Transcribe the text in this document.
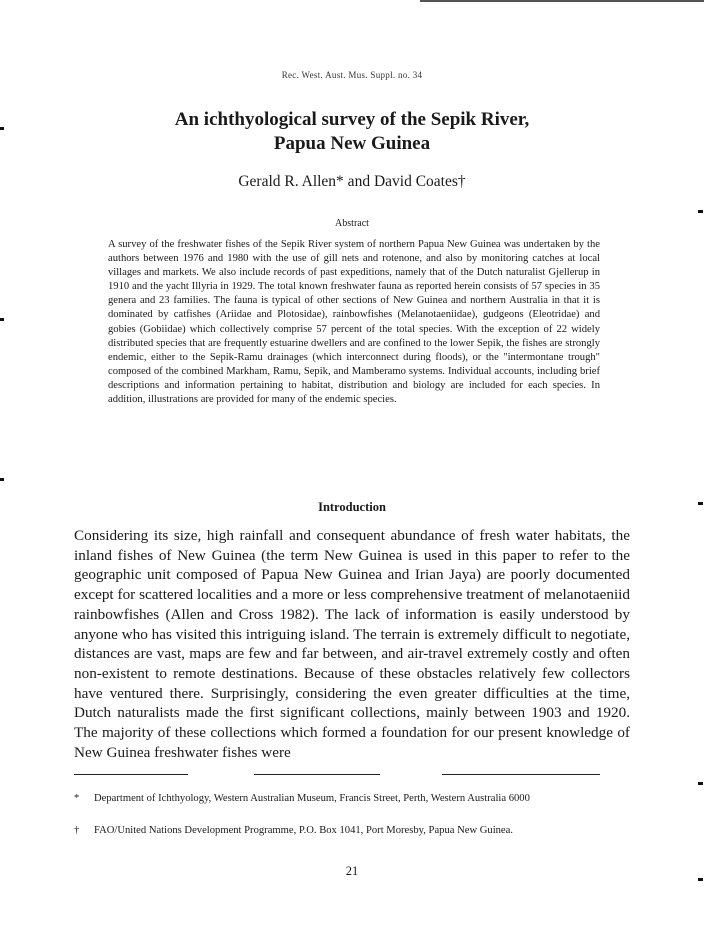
Rec. West. Aust. Mus. Suppl. no. 34
An ichthyological survey of the Sepik River,
Papua New Guinea
Gerald R. Allen* and David Coates†
Abstract
A survey of the freshwater fishes of the Sepik River system of northern Papua New Guinea was undertaken by the authors between 1976 and 1980 with the use of gill nets and rotenone, and also by monitoring catches at local villages and markets. We also include records of past expeditions, namely that of the Dutch naturalist Gjellerup in 1910 and the yacht Illyria in 1929. The total known freshwater fauna as reported herein consists of 57 species in 35 genera and 23 families. The fauna is typical of other sections of New Guinea and northern Australia in that it is dominated by catfishes (Ariidae and Plotosidae), rainbowfishes (Melanotaeniidae), gudgeons (Eleotridae) and gobies (Gobiidae) which collectively comprise 57 percent of the total species. With the exception of 22 widely distributed species that are frequently estuarine dwellers and are confined to the lower Sepik, the fishes are strongly endemic, either to the Sepik-Ramu drainages (which interconnect during floods), or the "intermontane trough" composed of the combined Markham, Ramu, Sepik, and Mamberamo systems. Individual accounts, including brief descriptions and information pertaining to habitat, distribution and biology are included for each species. In addition, illustrations are provided for many of the endemic species.
Introduction
Considering its size, high rainfall and consequent abundance of fresh water habitats, the inland fishes of New Guinea (the term New Guinea is used in this paper to refer to the geographic unit composed of Papua New Guinea and Irian Jaya) are poorly documented except for scattered localities and a more or less comprehensive treatment of melanotaeniid rainbowfishes (Allen and Cross 1982). The lack of information is easily understood by anyone who has visited this intriguing island. The terrain is extremely difficult to negotiate, distances are vast, maps are few and far between, and air-travel extremely costly and often non-existent to remote destinations. Because of these obstacles relatively few collectors have ventured there. Surprisingly, considering the even greater difficulties at the time, Dutch naturalists made the first significant collections, mainly between 1903 and 1920. The majority of these collections which formed a foundation for our present knowledge of New Guinea freshwater fishes were
*	Department of Ichthyology, Western Australian Museum, Francis Street, Perth, Western Australia 6000
†	FAO/United Nations Development Programme, P.O. Box 1041, Port Moresby, Papua New Guinea.
21
